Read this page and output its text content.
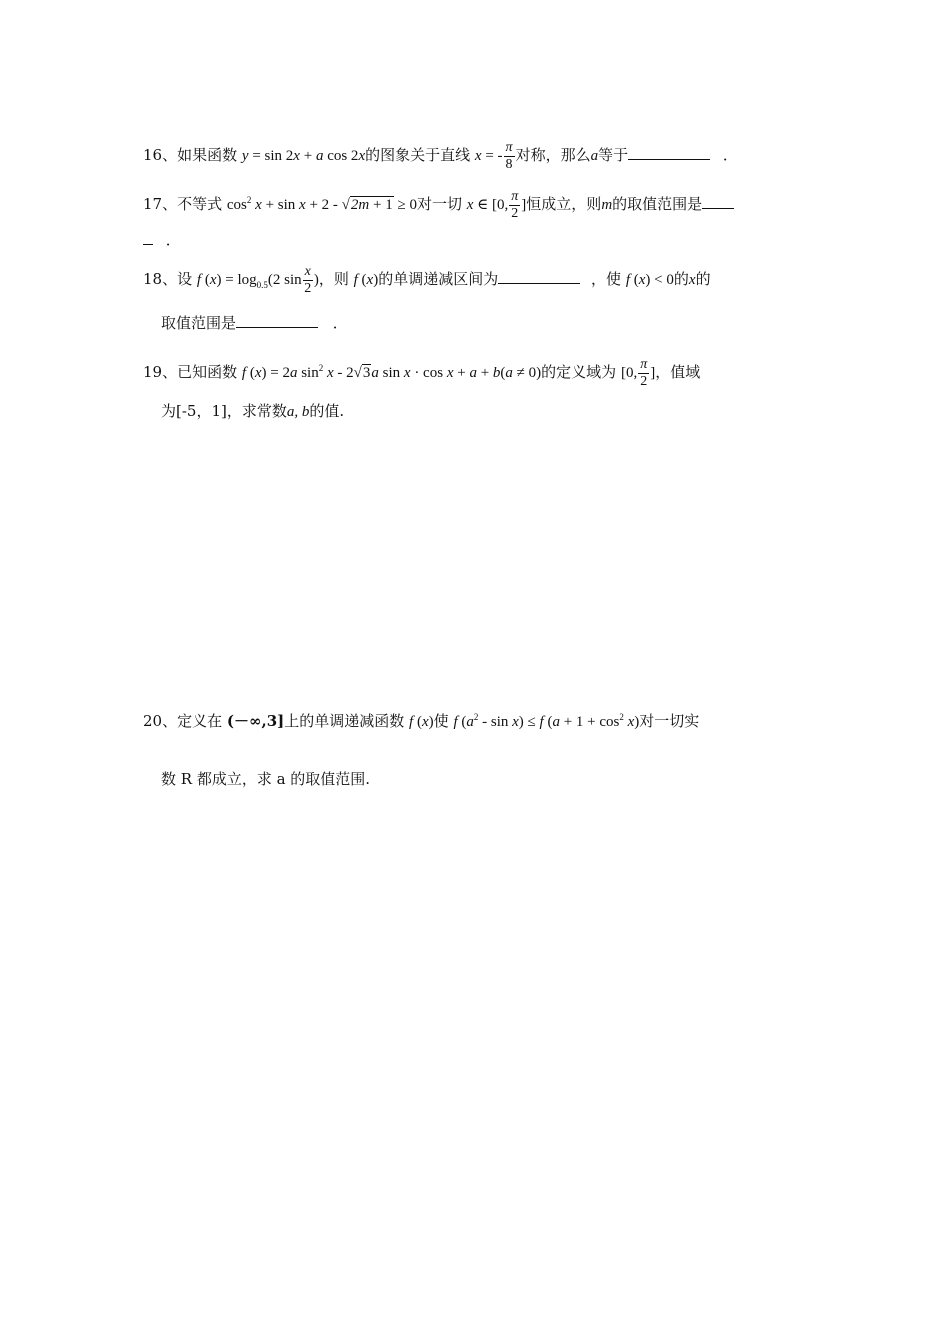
16、如果函数 y = sin 2x + a cos 2x的图象关于直线 x = - $\frac{\pi}{8}$ 对称，那么a等于	．
17、不等式 $\cos^2 x + \sin x + 2 - √2m + 1 \ge 0$对一切 x ∈ [0, $\frac{\pi}{2}$ ]恒成立，则m的取值范围是
．
18、设 f $(x) = \log_{0.5}(2$ $\sin \frac{x}{2}$ )，则 f (x)的单调递减区间为	，使 f (x) < 0的x的
取值范围是	．
19、已知函数 f (x) = 2a $\sin^2 x - 2√3a$ sin x · cos x + a + b(a ≠ 0)的定义域为 [0, $\frac{\pi}{2}$ ]，值域
为[-5，1]，求常数a, b的值.
20、定义在 (－∞,3]上的单调递减函数 f (x)使 f $(a^2 - \sin x) \le f$ $(a + 1 + \cos^2 x)$对一切实
数 R 都成立，求 a 的取值范围.
